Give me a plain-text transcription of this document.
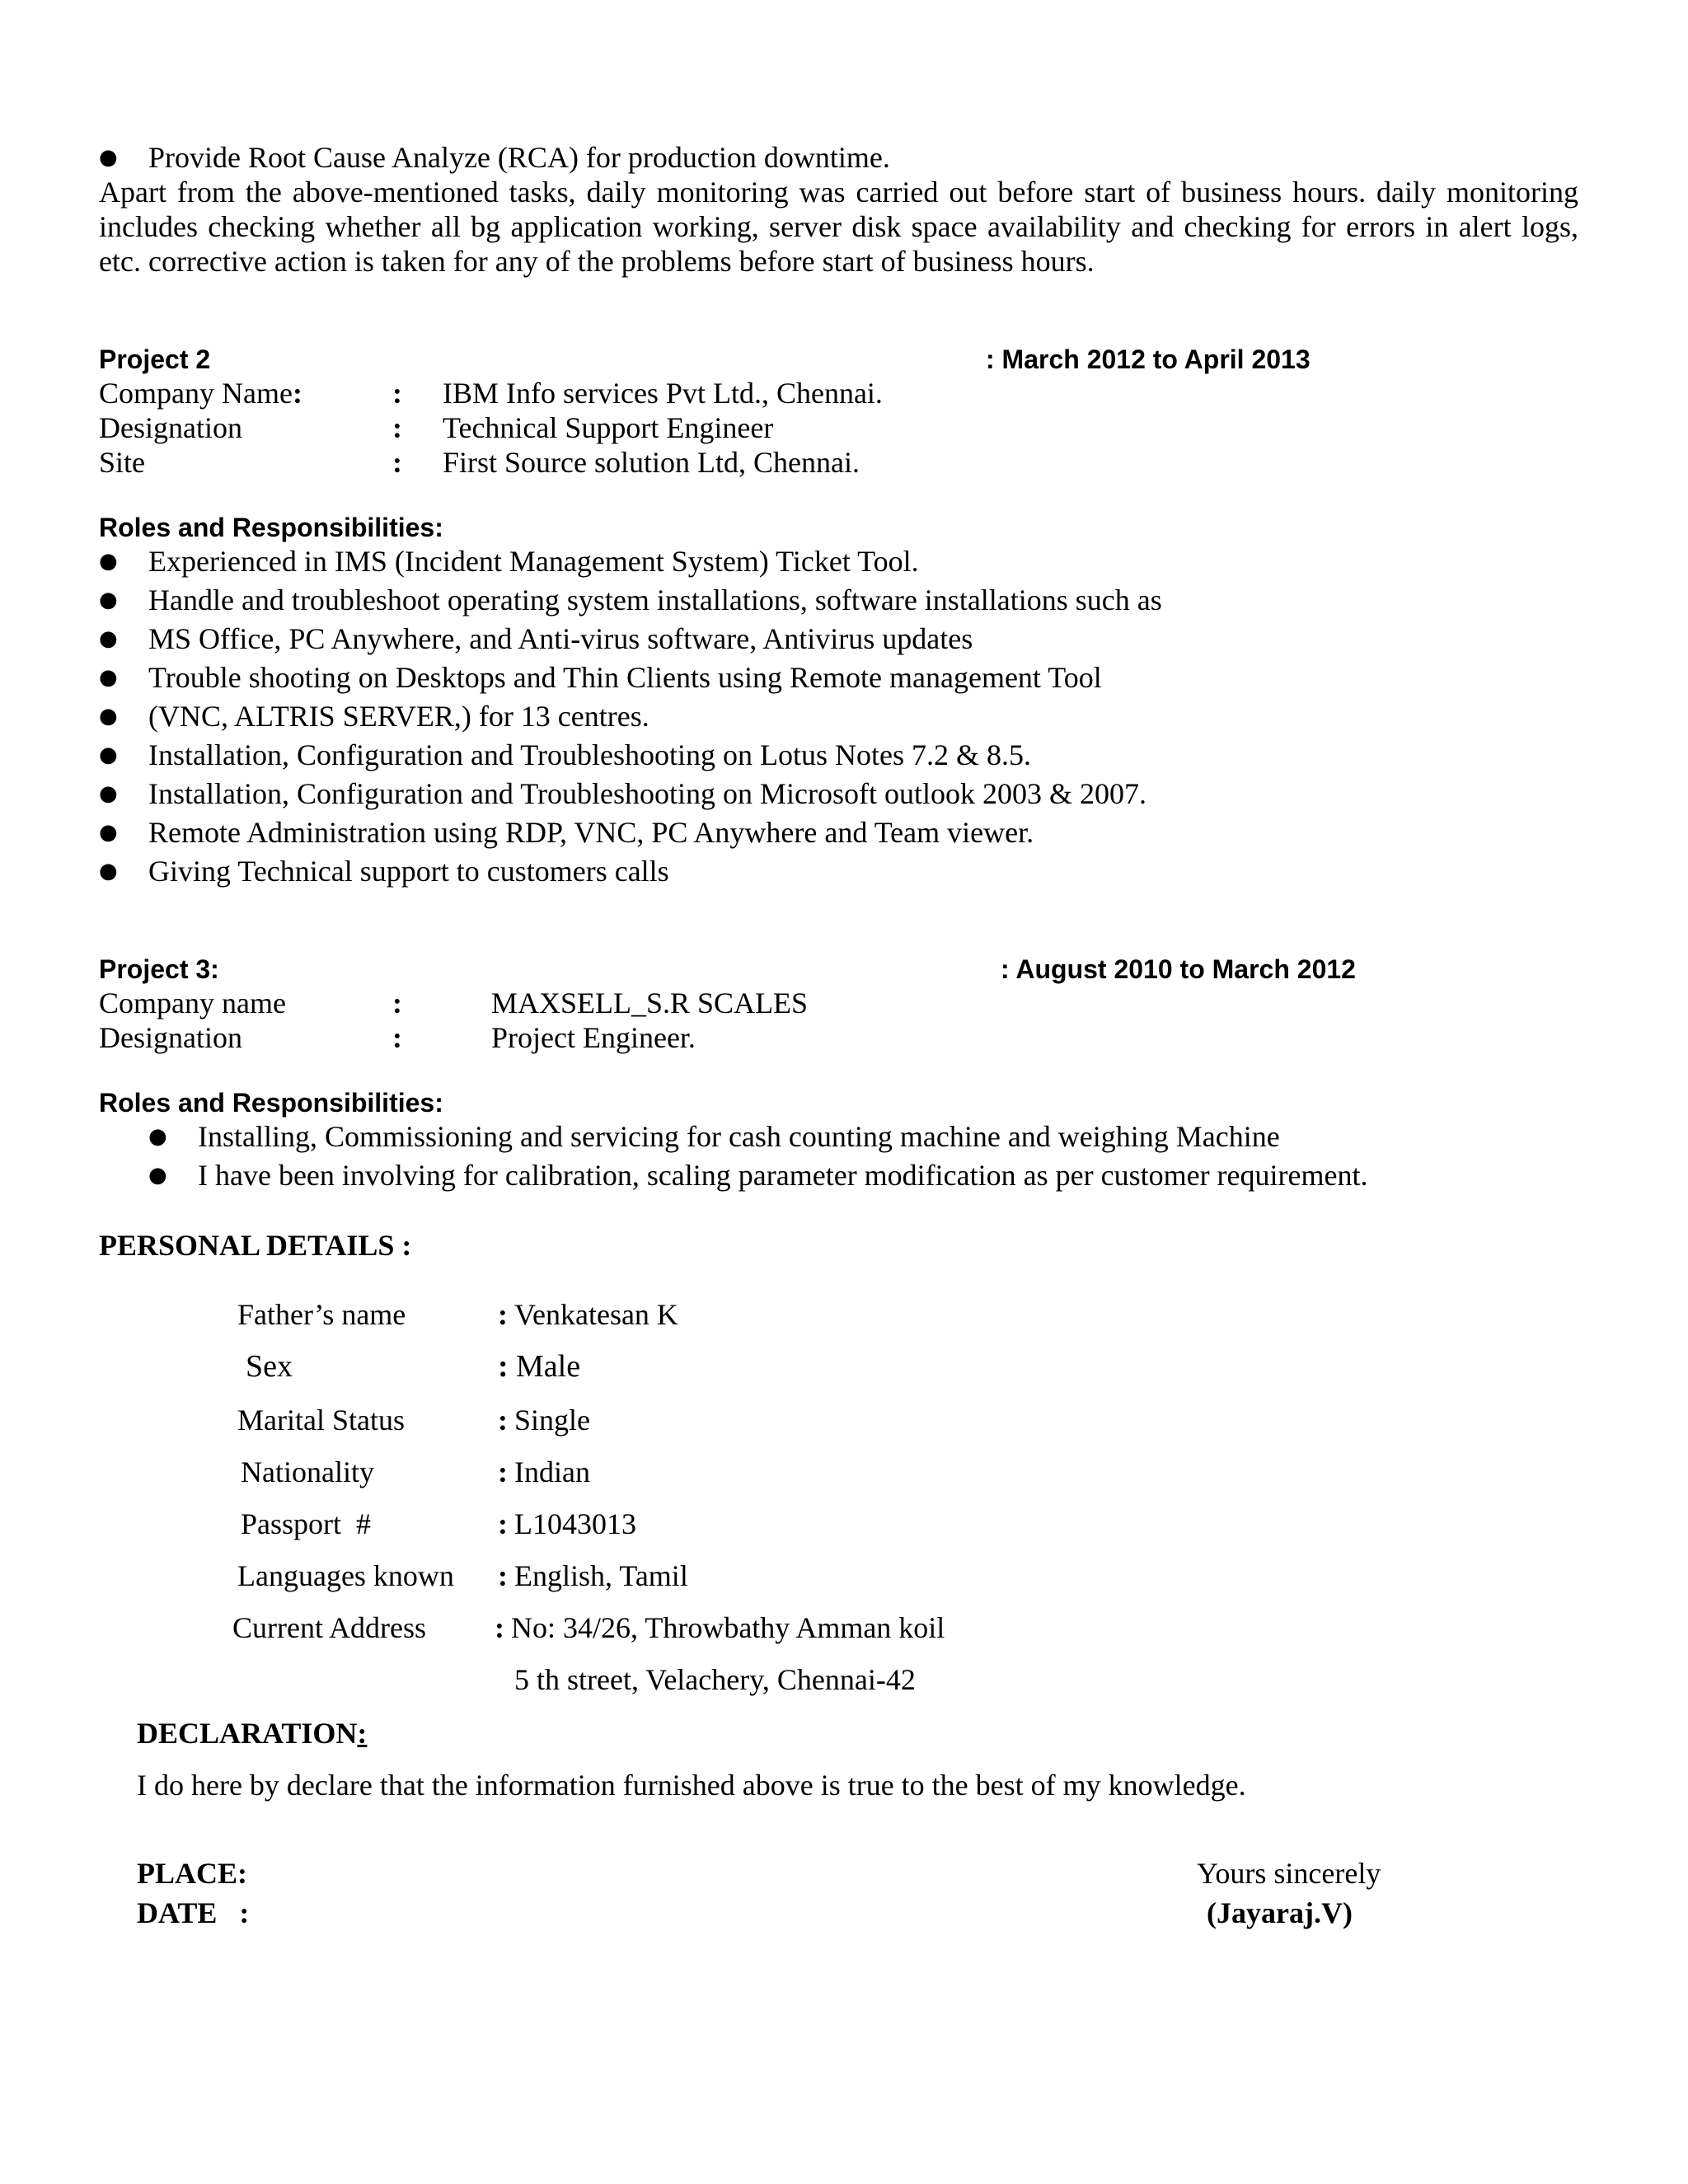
● Provide Root Cause Analyze (RCA) for production downtime.
Apart from the above-mentioned tasks, daily monitoring was carried out before start of business hours. daily monitoring includes checking whether all bg application working, server disk space availability and checking for errors in alert logs, etc. corrective action is taken for any of the problems before start of business hours.
Project 2	: March 2012 to April 2013
Company Name:	: IBM Info services Pvt Ltd., Chennai.
Designation	: Technical Support Engineer
Site	: First Source solution Ltd, Chennai.
Roles and Responsibilities:
● Experienced in IMS (Incident Management System) Ticket Tool.
● Handle and troubleshoot operating system installations, software installations such as
● MS Office, PC Anywhere, and Anti-virus software, Antivirus updates
● Trouble shooting on Desktops and Thin Clients using Remote management Tool
● (VNC, ALTRIS SERVER,) for 13 centres.
● Installation, Configuration and Troubleshooting on Lotus Notes 7.2 & 8.5.
● Installation, Configuration and Troubleshooting on Microsoft outlook 2003 & 2007.
● Remote Administration using RDP, VNC, PC Anywhere and Team viewer.
● Giving Technical support to customers calls
Project 3:	: August 2010 to March 2012
Company name	:	MAXSELL_S.R SCALES
Designation	:	Project Engineer.
Roles and Responsibilities:
● Installing, Commissioning and servicing for cash counting machine and weighing Machine
● I have been involving for calibration, scaling parameter modification as per customer requirement.
PERSONAL DETAILS :
Father’s name	: Venkatesan K
Sex	: Male
Marital Status	: Single
Nationality	: Indian
Passport  #	: L1043013
Languages known : English, Tamil
Current Address : No: 34/26, Throwbathy Amman koil
5 th street, Velachery, Chennai-42
DECLARATION:
I do here by declare that the information furnished above is true to the best of my knowledge.
PLACE:
DATE   :
Yours sincerely
(Jayaraj.V)
